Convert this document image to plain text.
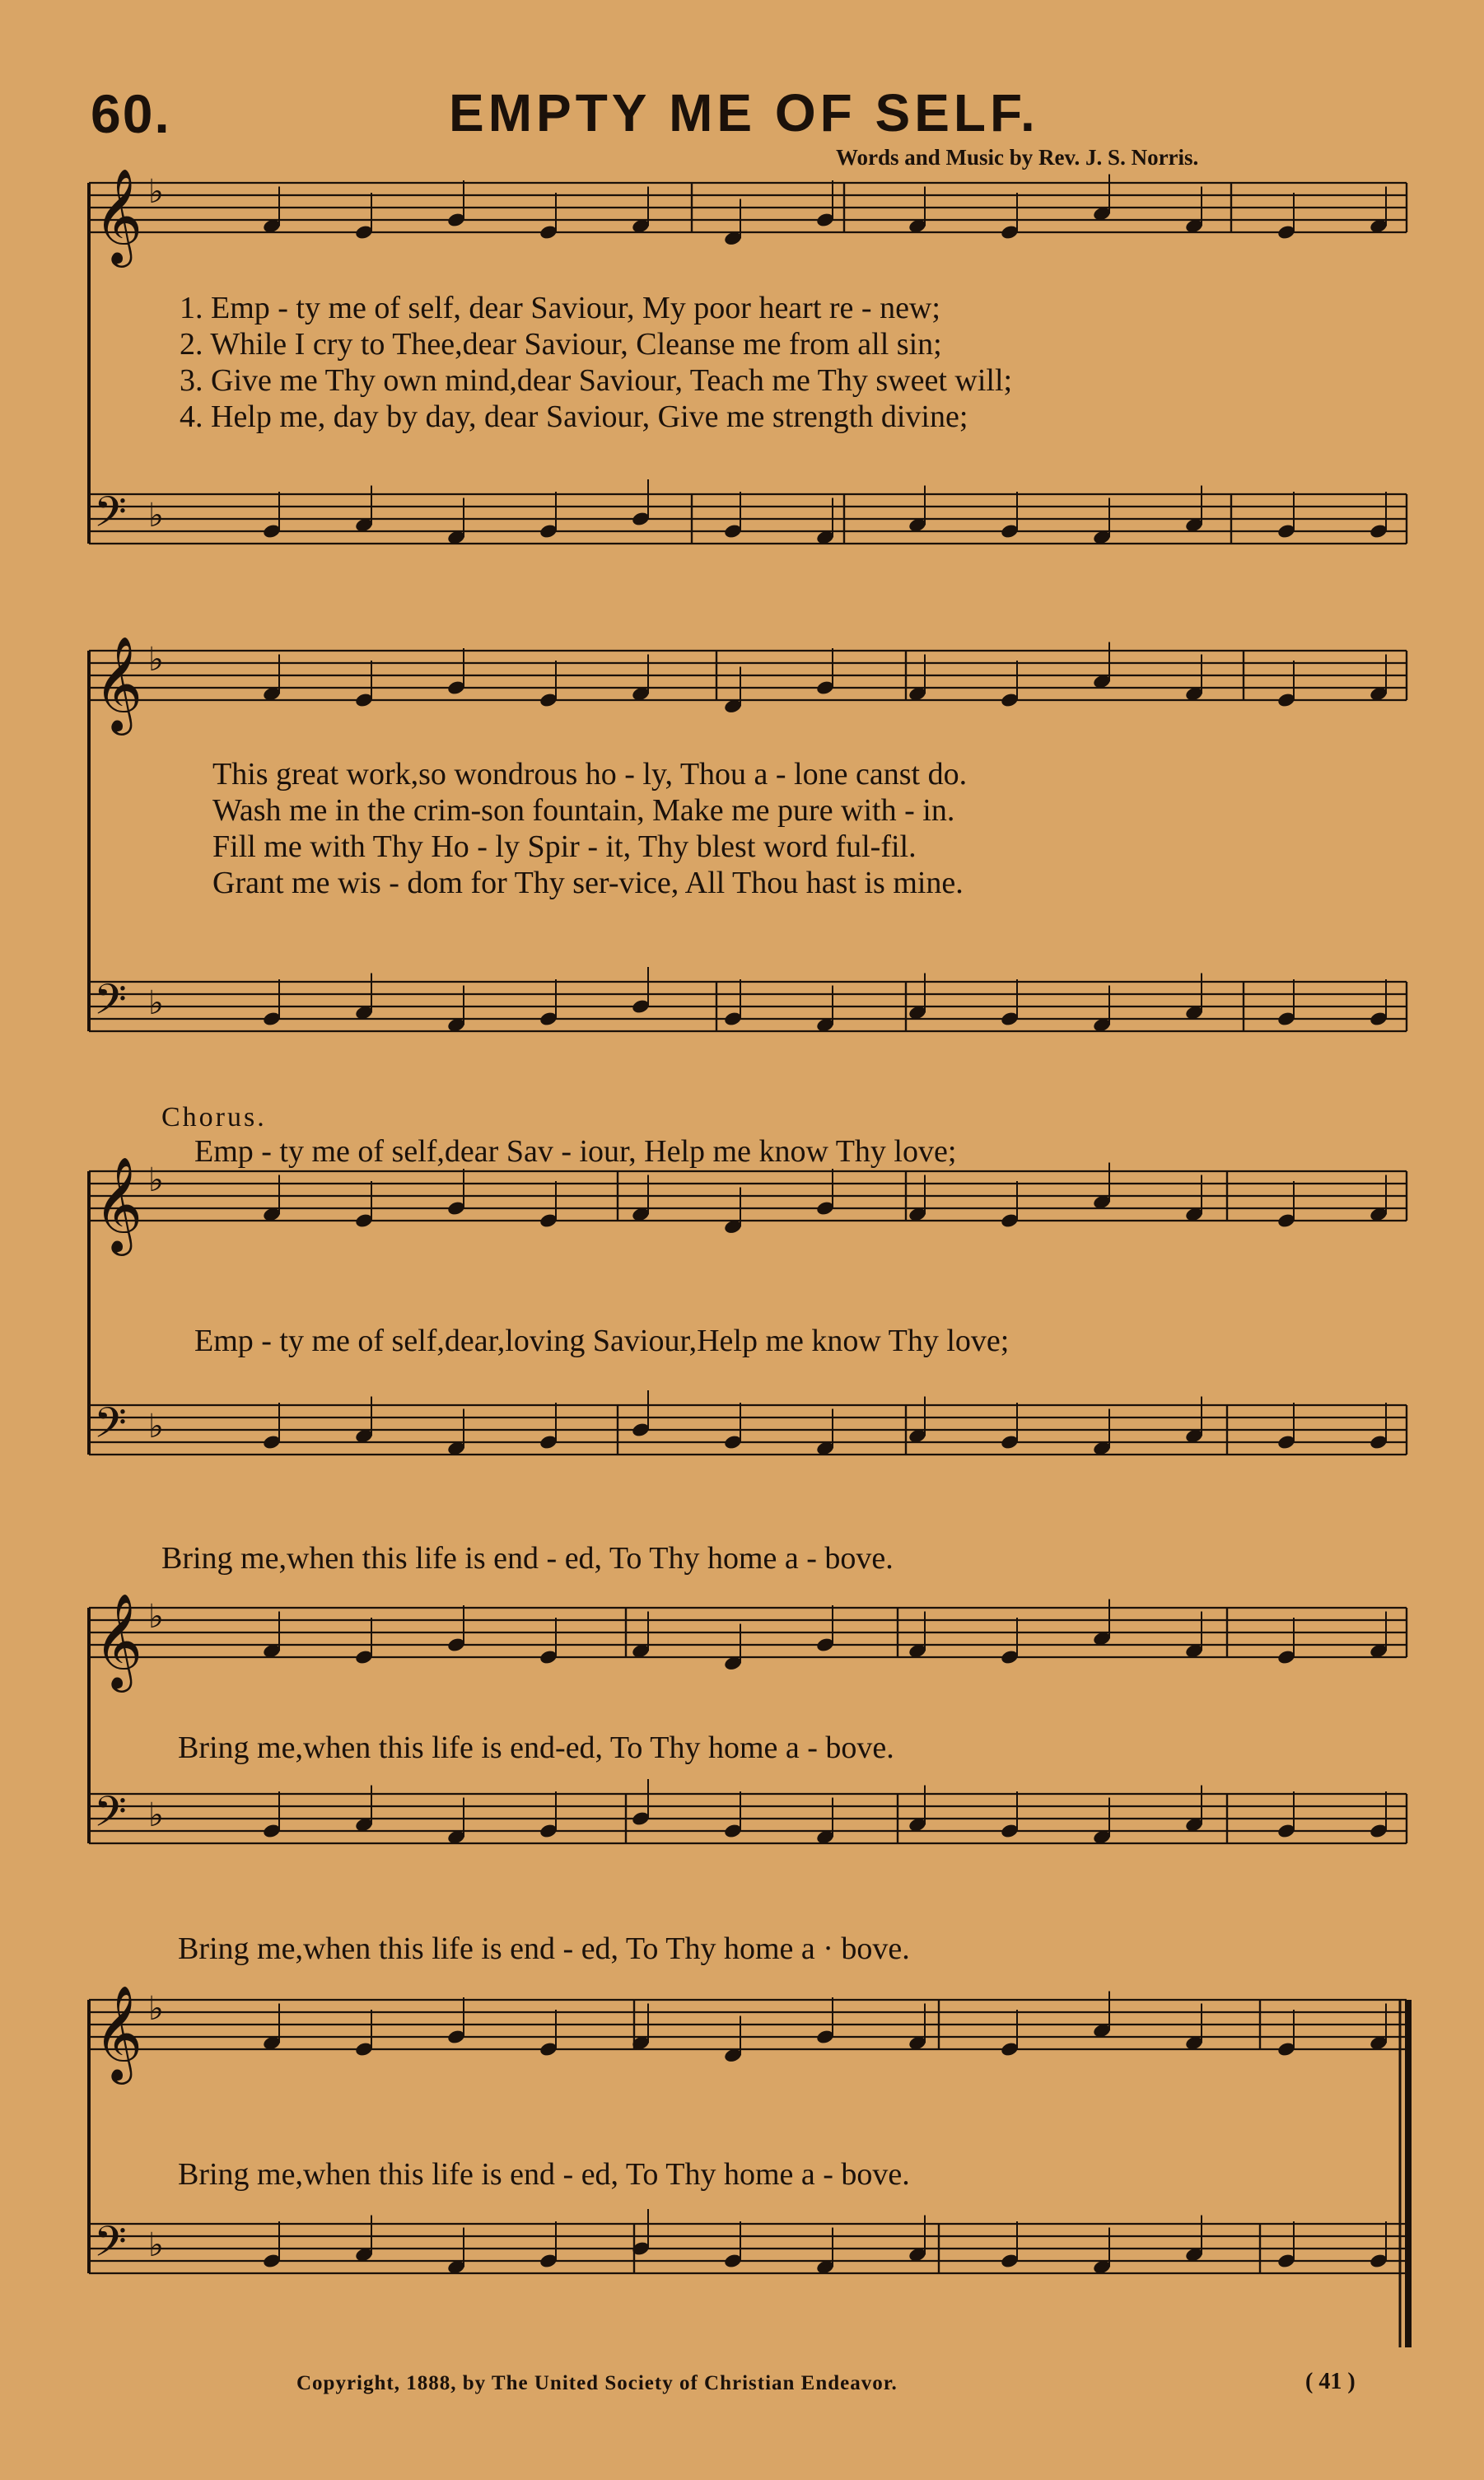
60.	EMPTY ME OF SELF.
Words and Music by Rev. J. S. Norris.
𝄞 ♭
𝄢 ♭
𝄞 ♭
𝄢 ♭
𝄞 ♭
𝄢 ♭
𝄞 ♭
𝄢 ♭
𝄞 ♭
𝄢 ♭
1. Emp - ty me of self, dear Saviour, My poor heart re - new;
2. While I cry to Thee,dear Saviour, Cleanse me from all sin;
3. Give me Thy own mind,dear Saviour, Teach me Thy sweet will;
4. Help me, day by day, dear Saviour, Give me strength divine;
This great work,so wondrous ho - ly, Thou a - lone canst do.
Wash me in the crim-son fountain, Make me pure with - in.
Fill me with Thy Ho - ly Spir - it, Thy blest word ful-fil.
Grant me wis - dom for Thy ser-vice, All Thou hast is mine.
Chorus.
Emp - ty me of self,dear Sav - iour, Help me know Thy love;
Emp - ty me of self,dear,loving Saviour,Help me know Thy love;
Bring me,when this life is end - ed, To Thy home a - bove.
Bring me,when this life is end-ed, To Thy home a - bove.
Bring me,when this life is end - ed, To Thy home a · bove.
Bring me,when this life is end - ed, To Thy home a - bove.
Copyright, 1888, by The United Society of Christian Endeavor.	( 41 )
